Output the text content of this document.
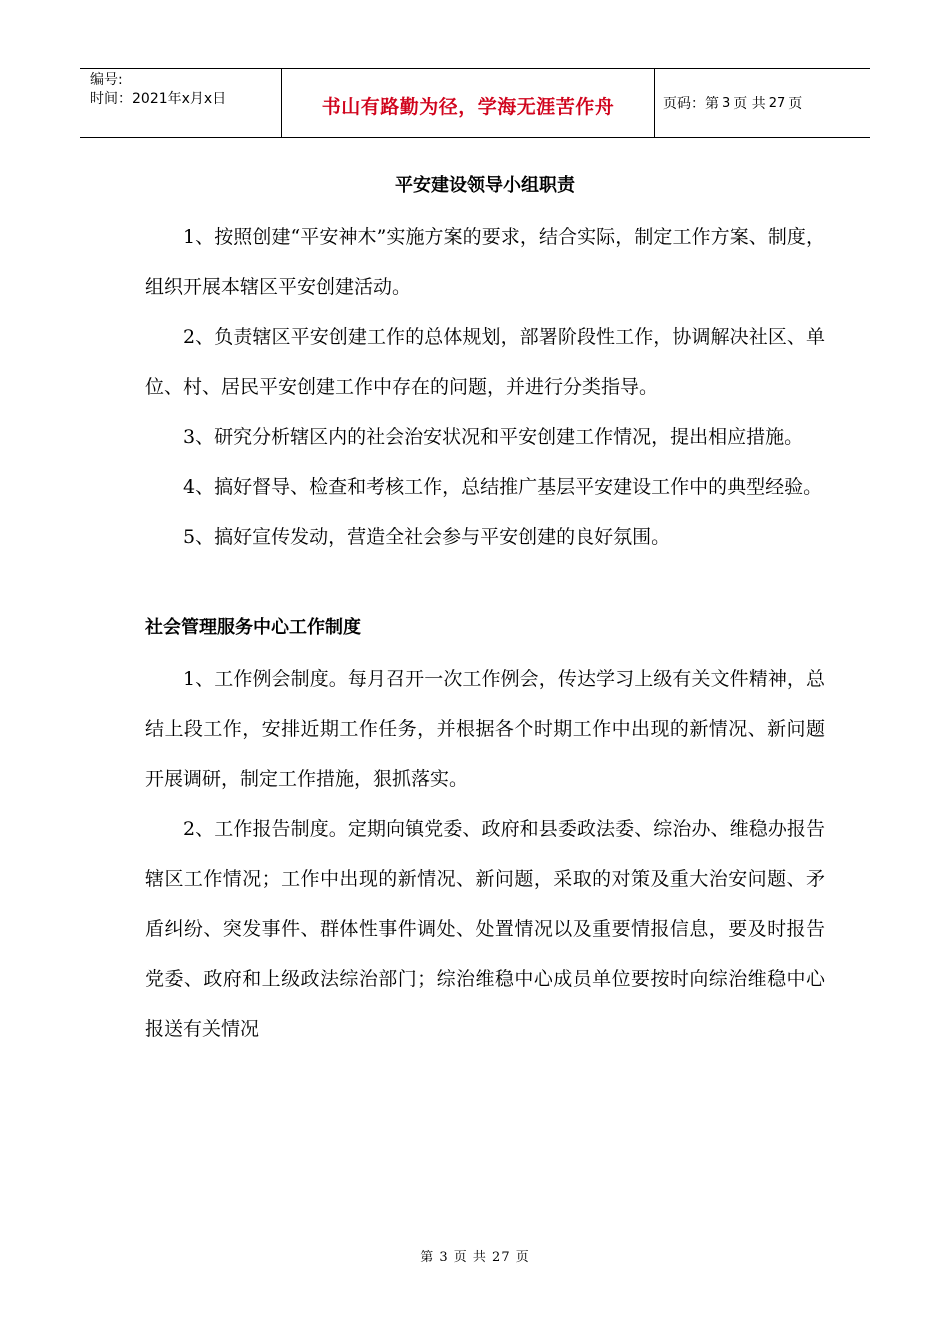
编号:
时间：2021年x月x日	书山有路勤为径，学海无涯苦作舟	页码：第 3 页 共 27 页
平安建设领导小组职责

1、按照创建“平安神木”实施方案的要求，结合实际，制定工作方案、制度，组织开展本辖区平安创建活动。

2、负责辖区平安创建工作的总体规划，部署阶段性工作，协调解决社区、单位、村、居民平安创建工作中存在的问题，并进行分类指导。

3、研究分析辖区内的社会治安状况和平安创建工作情况，提出相应措施。

4、搞好督导、检查和考核工作，总结推广基层平安建设工作中的典型经验。

5、搞好宣传发动，营造全社会参与平安创建的良好氛围。

社会管理服务中心工作制度

1、工作例会制度。每月召开一次工作例会，传达学习上级有关文件精神，总结上段工作，安排近期工作任务，并根据各个时期工作中出现的新情况、新问题开展调研，制定工作措施，狠抓落实。

2、工作报告制度。定期向镇党委、政府和县委政法委、综治办、维稳办报告辖区工作情况；工作中出现的新情况、新问题，采取的对策及重大治安问题、矛盾纠纷、突发事件、群体性事件调处、处置情况以及重要情报信息，要及时报告党委、政府和上级政法综治部门；综治维稳中心成员单位要按时向综治维稳中心报送有关情况

第 3 页 共 27 页
